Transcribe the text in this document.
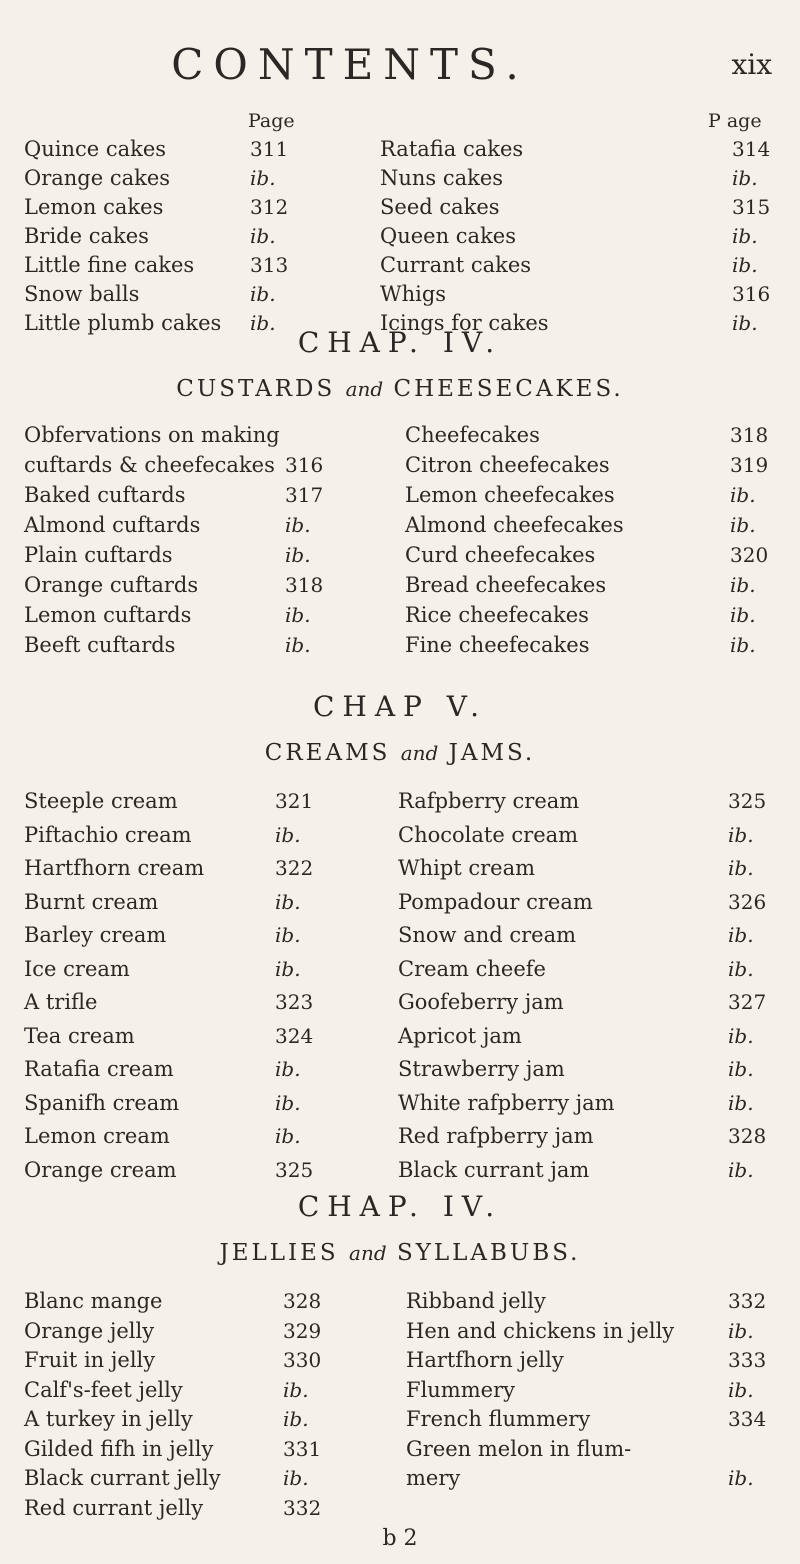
CONTENTS.	xix
Page	P age
Quince cakes	311
Orange cakes	ib.
Lemon cakes	312
Bride cakes	ib.
Little fine cakes	313
Snow balls	ib.
Little plumb cakes ib.
Ratafia cakes	314
Nuns cakes	ib.
Seed cakes	315
Queen cakes	ib.
Currant cakes	ib.
Whigs	316
Icings for cakes	ib.
CHAP. IV.
CUSTARDS and CHEESECAKES.
Obfervations on making
cuftards & cheefecakes 316
Baked cuftards	317
Almond cuftards	ib.
Plain cuftards	ib.
Orange cuftards	318
Lemon cuftards	ib.
Beeft cuftards	ib.
Cheefecakes	318
Citron cheefecakes	319
Lemon cheefecakes	ib.
Almond cheefecakes	ib.
Curd cheefecakes	320
Bread cheefecakes	ib.
Rice cheefecakes	ib.
Fine cheefecakes	ib.
CHAP V.
CREAMS and JAMS.
Steeple cream	321
Piftachio cream	ib.
Hartfhorn cream	322
Burnt cream	ib.
Barley cream	ib.
Ice cream	ib.
A trifle	323
Tea cream	324
Ratafia cream	ib.
Spanifh cream	ib.
Lemon cream	ib.
Orange cream	325
Rafpberry cream	325
Chocolate cream	ib.
Whipt cream	ib.
Pompadour cream	326
Snow and cream	ib.
Cream cheefe	ib.
Goofeberry jam	327
Apricot jam	ib.
Strawberry jam	ib.
White rafpberry jam	ib.
Red rafpberry jam	328
Black currant jam	ib.
CHAP. IV.
JELLIES and SYLLABUBS.
Blanc mange	328
Orange jelly	329
Fruit in jelly	330
Calf's-feet jelly	ib.
A turkey in jelly	ib.
Gilded fifh in jelly	331
Black currant jelly	ib.
Red currant jelly	332
Ribband jelly	332
Hen and chickens in jelly	ib.
Hartfhorn jelly	333
Flummery	ib.
French flummery	334
Green melon in flum-
mery	ib.
b 2
